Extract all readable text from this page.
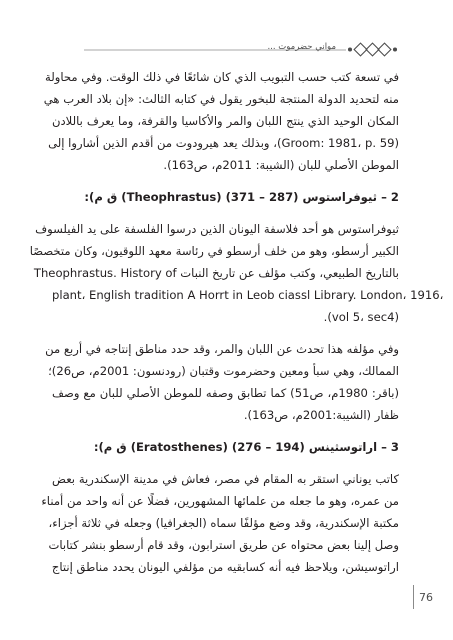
مواني حضرموت ...
في تسعة كتب حسب التبويب الذي كان شائعًا في ذلك الوقت. وفي محاولة
منه لتحديد الدولة المنتجة للبخور يقول في كتابه الثالث: «إن بلاد العرب هي
المكان الوحيد الذي ينتج اللبان والمر والأكاسيا والقرفة، وما يعرف باللادن
(Groom: 1981، p. 59)، وبذلك يعد هيرودوت من أقدم الذين أشاروا إلى
الموطن الأصلي للبان (الشيبة: 2011م، ص163).
2 – ثيوفراستوس (287 – 371) (Theophrastus) ق م):
ثيوفراستوس هو أحد فلاسفة اليونان الذين درسوا الفلسفة على يد الفيلسوف
الكبير أرسطو، وهو من خلف أرسطو في رئاسة معهد اللوقيون، وكان متخصصًا
بالتاريخ الطبيعي، وكتب مؤلف عن تاريخ النبات Theophrastus. History of
plant، English tradition A Horrt in Leob ciassl Library. London، 1916،
(vol 5، sec4).
وفي مؤلفه هذا تحدث عن اللبان والمر، وقد حدد مناطق إنتاجه في أربع من
الممالك، وهي سبأ ومعين وحضرموت وقتبان (رودنسون: 2001م، ص26)؛
(باقر: 1980م، ص51) كما تطابق وصفه للموطن الأصلي للبان مع وصف
ظفار (الشيبة:2001م، ص163).
3 – اراتوسثينس (194 – 276) (Eratosthenes) ق م):
كاتب يوناني استقر به المقام في مصر، فعاش في مدينة الإسكندرية بعض
من عمره، وهو ما جعله من علمائها المشهورين، فضلًا عن أنه واحد من أمناء
مكتبة الإسكندرية، وقد وضع مؤلفًا سماه (الجغرافيا) وجعله في ثلاثة أجزاء،
وصل إلينا بعض محتواه عن طريق استرابون، وقد قام أرسطو بنشر كتابات
اراتوسيشن، ويلاحظ فيه أنه كسابقيه من مؤلفي اليونان يحدد مناطق إنتاج
76
